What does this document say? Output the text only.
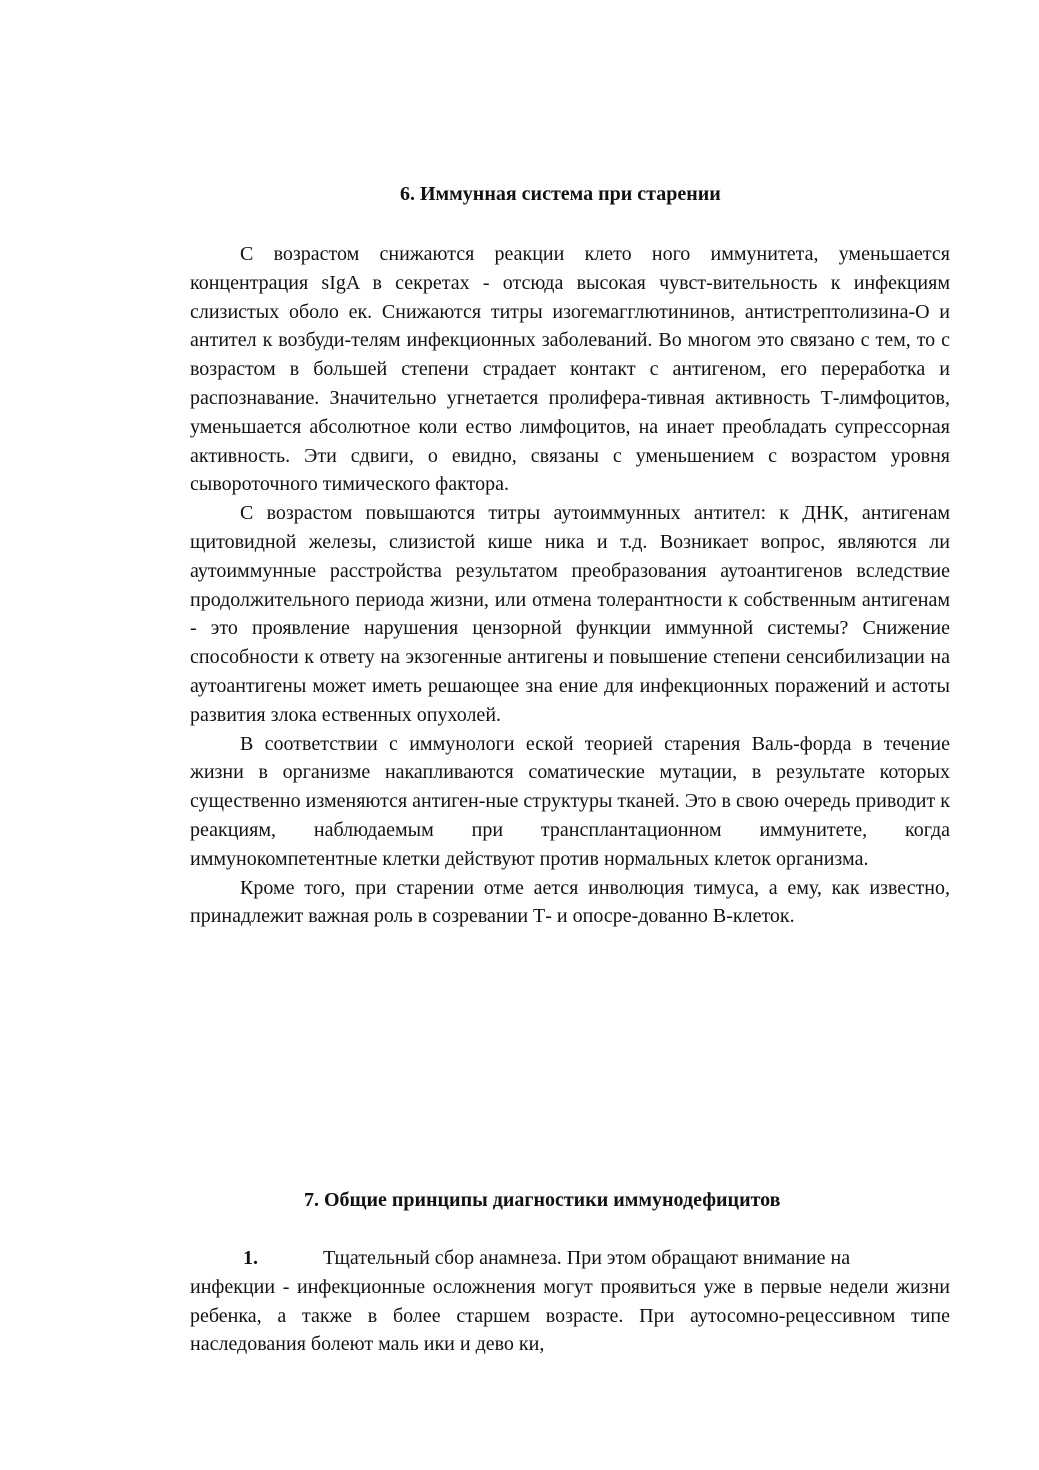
6. Иммунная система при старении

С возрастом снижаются реакции клето ного иммунитета, уменьшается концентрация sIgA в секретах - отсюда высокая чувст-вительность к инфекциям слизистых оболо ек. Снижаются титры изогемагглютининов, антистрептолизина-О и антител к возбуди-телям инфекционных заболеваний. Во многом это связано с тем, то с возрастом в большей степени страдает контакт с антигеном, его переработка и распознавание. Значительно угнетается пролифера-тивная активность Т-лимфоцитов, уменьшается абсолютное коли ество лимфоцитов, на инает преобладать супрессорная активность. Эти сдвиги, о евидно, связаны с уменьшением с возрастом уровня сывороточного тимического фактора.

С возрастом повышаются титры аутоиммунных антител: к ДНК, антигенам щитовидной железы, слизистой кише ника и т.д. Возникает вопрос, являются ли аутоиммунные расстройства результатом преобразования аутоантигенов вследствие продолжительного периода жизни, или отмена толерантности к собственным антигенам - это проявление нарушения цензорной функции иммунной системы? Снижение способности к ответу на экзогенные антигены и повышение степени сенсибилизации на аутоантигены может иметь решающее зна ение для инфекционных поражений и астоты развития злока ественных опухолей.

В соответствии с иммунологи еской теорией старения Валь-форда в течение жизни в организме накапливаются соматические мутации, в результате которых существенно изменяются антиген-ные структуры тканей. Это в свою очередь приводит к реакциям, наблюдаемым при трансплантационном иммунитете, когда иммунокомпетентные клетки действуют против нормальных клеток организма.

Кроме того, при старении отме ается инволюция тимуса, а ему, как известно, принадлежит важная роль в созревании Т- и опосре-дованно В-клеток.

7. Общие принципы диагностики иммунодефицитов
1.	Тщательный сбор анамнеза. При этом обращают внимание на
инфекции - инфекционные осложнения могут проявиться уже в первые недели жизни ребенка, а также в более старшем возрасте. При аутосомно-рецессивном типе наследования болеют маль ики и дево ки,
